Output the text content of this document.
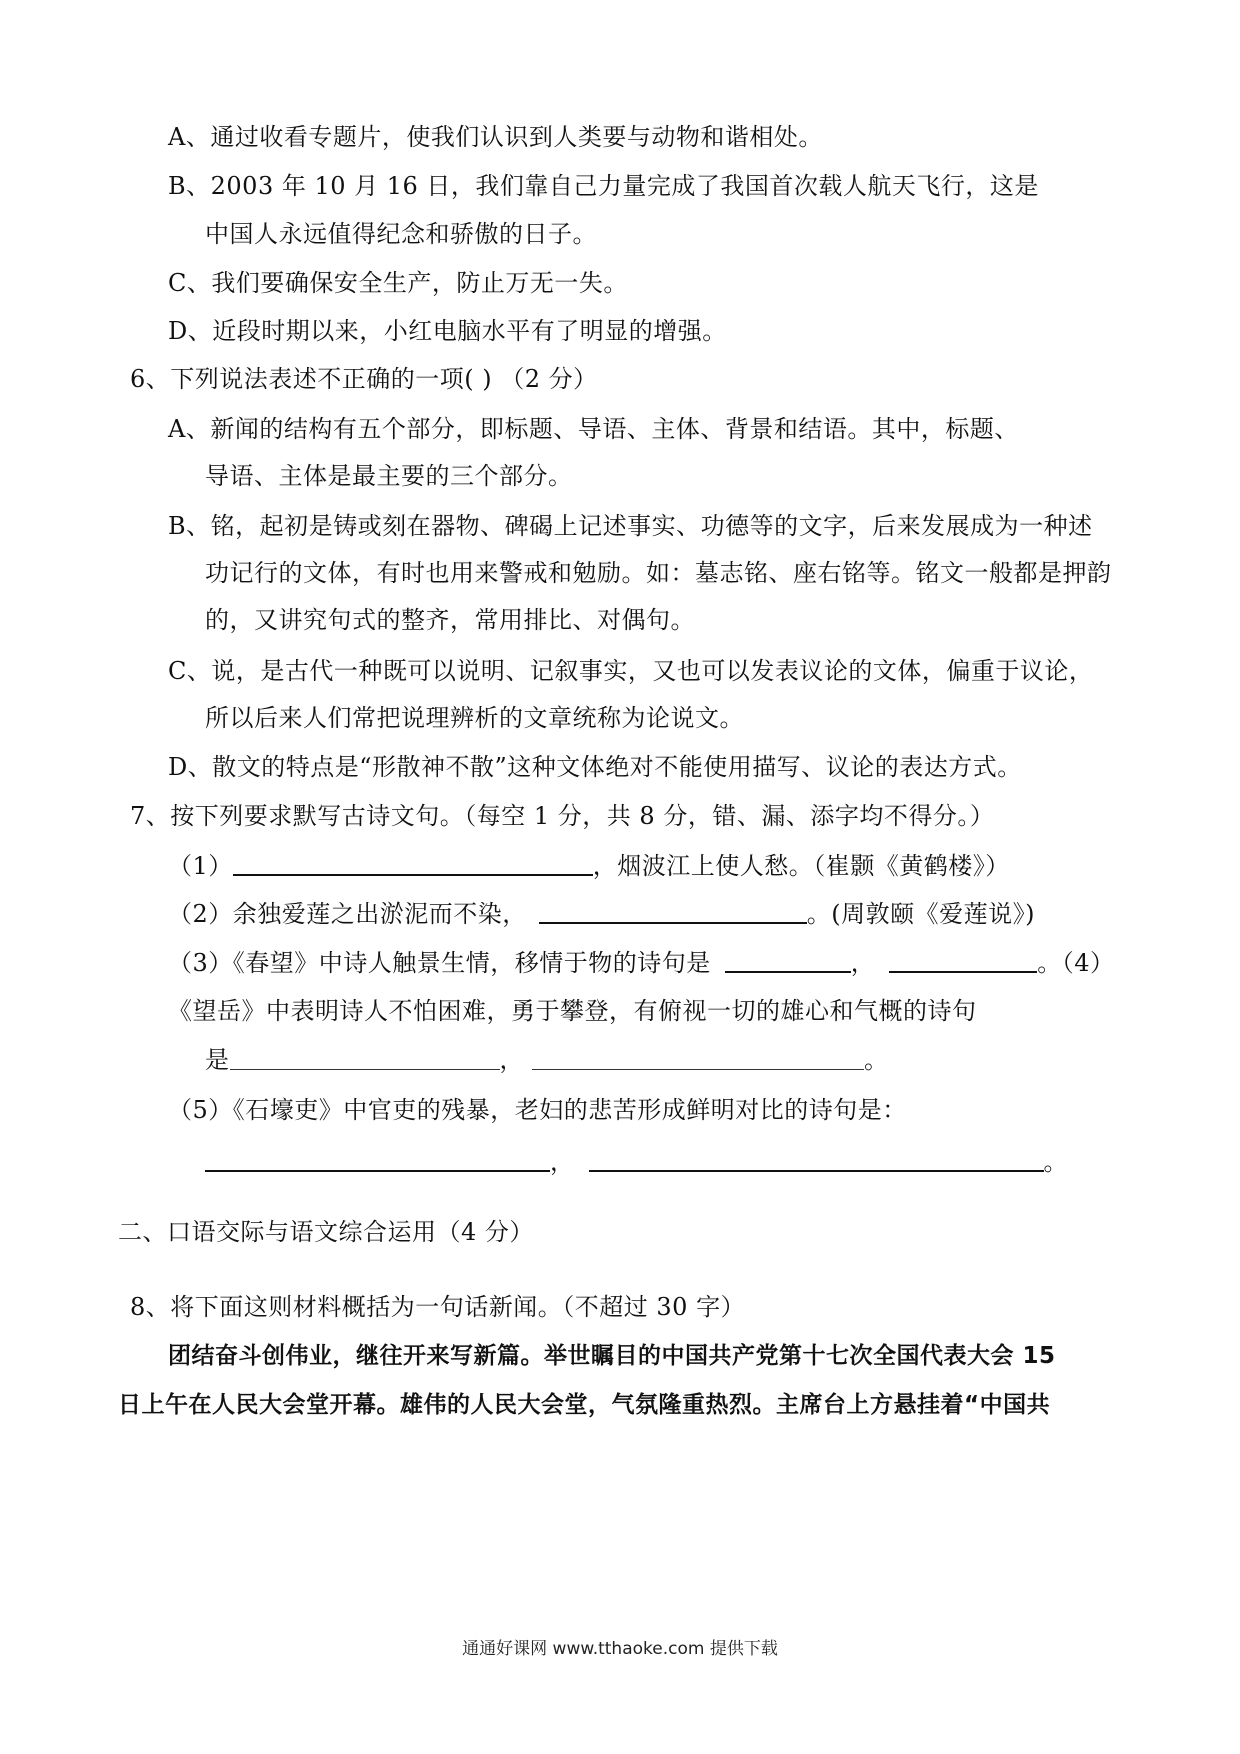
A、通过收看专题片，使我们认识到人类要与动物和谐相处。
B、2003 年 10 月 16 日，我们靠自己力量完成了我国首次载人航天飞行，这是
中国人永远值得纪念和骄傲的日子。
C、我们要确保安全生产，防止万无一失。
D、近段时期以来，小红电脑水平有了明显的增强。
6、下列说法表述不正确的一项( ) （2 分）
A、新闻的结构有五个部分，即标题、导语、主体、背景和结语。其中，标题、
导语、主体是最主要的三个部分。
B、铭，起初是铸或刻在器物、碑碣上记述事实、功德等的文字，后来发展成为一种述
功记行的文体，有时也用来警戒和勉励。如：墓志铭、座右铭等。铭文一般都是押韵
的，又讲究句式的整齐，常用排比、对偶句。
C、说，是古代一种既可以说明、记叙事实，又也可以发表议论的文体，偏重于议论，
所以后来人们常把说理辨析的文章统称为论说文。
D、散文的特点是“形散神不散”这种文体绝对不能使用描写、议论的表达方式。
7、按下列要求默写古诗文句。（每空 1 分，共 8 分，错、漏、添字均不得分。）
（1）	，烟波江上使人愁。（崔颢《黄鹤楼》）
（2）余独爱莲之出淤泥而不染，	。(周敦颐《爱莲说》)
（3）《春望》中诗人触景生情，移情于物的诗句是	，	。（4）
《望岳》中表明诗人不怕困难，勇于攀登，有俯视一切的雄心和气概的诗句
是	，	。
（5）《石壕吏》中官吏的残暴，老妇的悲苦形成鲜明对比的诗句是：
，	。
二、口语交际与语文综合运用（4 分）
8、将下面这则材料概括为一句话新闻。（不超过 30 字）
团结奋斗创伟业，继往开来写新篇。举世瞩目的中国共产党第十七次全国代表大会 15
日上午在人民大会堂开幕。雄伟的人民大会堂，气氛隆重热烈。主席台上方悬挂着“中国共
通通好课网 www.tthaoke.com 提供下载
